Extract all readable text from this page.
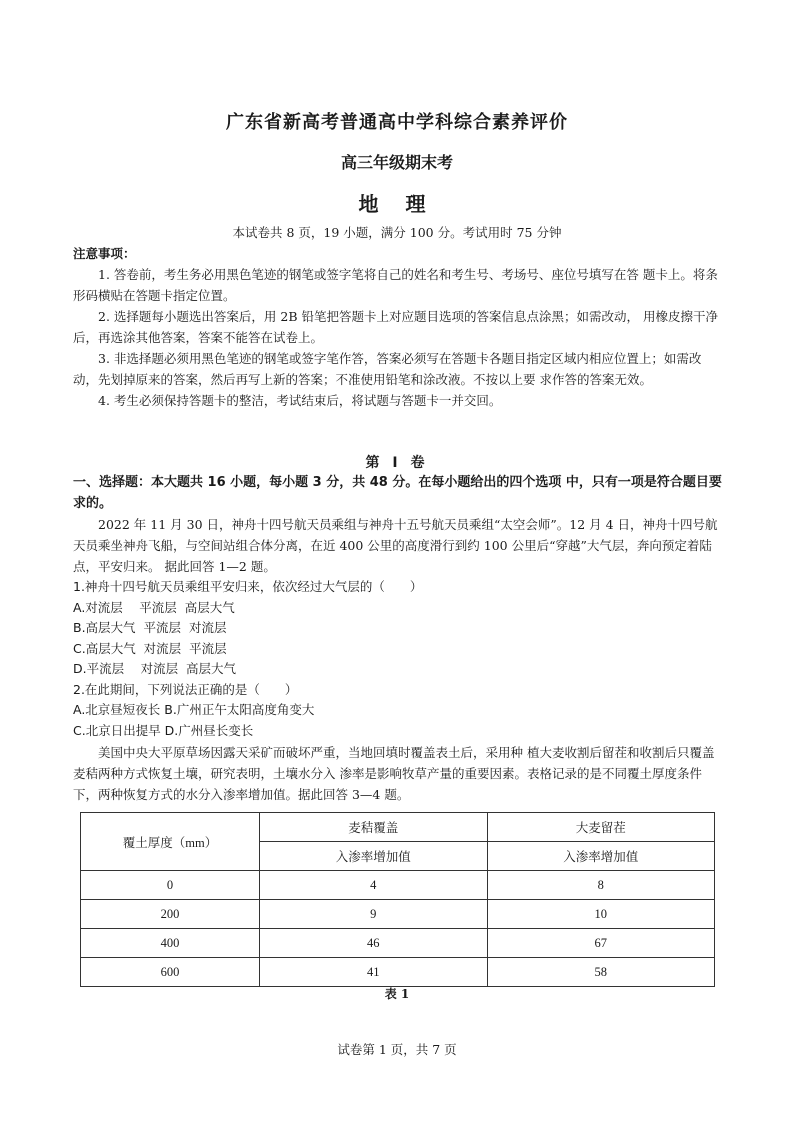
广东省新高考普通高中学科综合素养评价
高三年级期末考
地 理
本试卷共 8 页，19 小题，满分 100 分。考试用时 75 分钟
注意事项：

1. 答卷前，考生务必用黑色笔迹的钢笔或签字笔将自己的姓名和考生号、考场号、座位号填写在答 题卡上。将条形码横贴在答题卡指定位置。

2. 选择题每小题选出答案后，用 2B 铅笔把答题卡上对应题目选项的答案信息点涂黑；如需改动， 用橡皮擦干净后，再选涂其他答案，答案不能答在试卷上。

3. 非选择题必须用黑色笔迹的钢笔或签字笔作答，答案必须写在答题卡各题目指定区域内相应位置上；如需改动，先划掉原来的答案，然后再写上新的答案；不准使用铅笔和涂改液。不按以上要 求作答的答案无效。

4. 考生必须保持答题卡的整洁，考试结束后，将试题与答题卡一并交回。

第 I 卷
一、选择题：本大题共 16 小题，每小题 3 分，共 48 分。在每小题给出的四个选项 中，只有一项是符合题目要求的。

2022 年 11 月 30 日，神舟十四号航天员乘组与神舟十五号航天员乘组“太空会师”。12 月 4 日，神舟十四号航天员乘坐神舟飞船，与空间站组合体分离，在近 400 公里的高度滑行到约 100 公里后“穿越”大气层，奔向预定着陆点，平安归来。 据此回答 1—2 题。

1.神舟十四号航天员乘组平安归来，依次经过大气层的（　　）
A.对流层　 平流层  高层大气
B.高层大气  平流层  对流层
C.高层大气  对流层  平流层
D.平流层　 对流层  高层大气
2.在此期间，下列说法正确的是（　　）
A.北京昼短夜长 B.广州正午太阳高度角变大
C.北京日出提早 D.广州昼长变长

美国中央大平原草场因露天采矿而破坏严重，当地回填时覆盖表土后，采用种 植大麦收割后留茬和收割后只覆盖麦秸两种方式恢复土壤，研究表明，土壤水分入 渗率是影响牧草产量的重要因素。表格记录的是不同覆土厚度条件下，两种恢复方式的水分入渗率增加值。据此回答 3—4 题。

覆土厚度（mm）	麦秸覆盖	大麦留茬
	入渗率增加值	入渗率增加值
0	4	8
200	9	10
400	46	67
600	41	58
表 1
试卷第 1 页，共 7 页
